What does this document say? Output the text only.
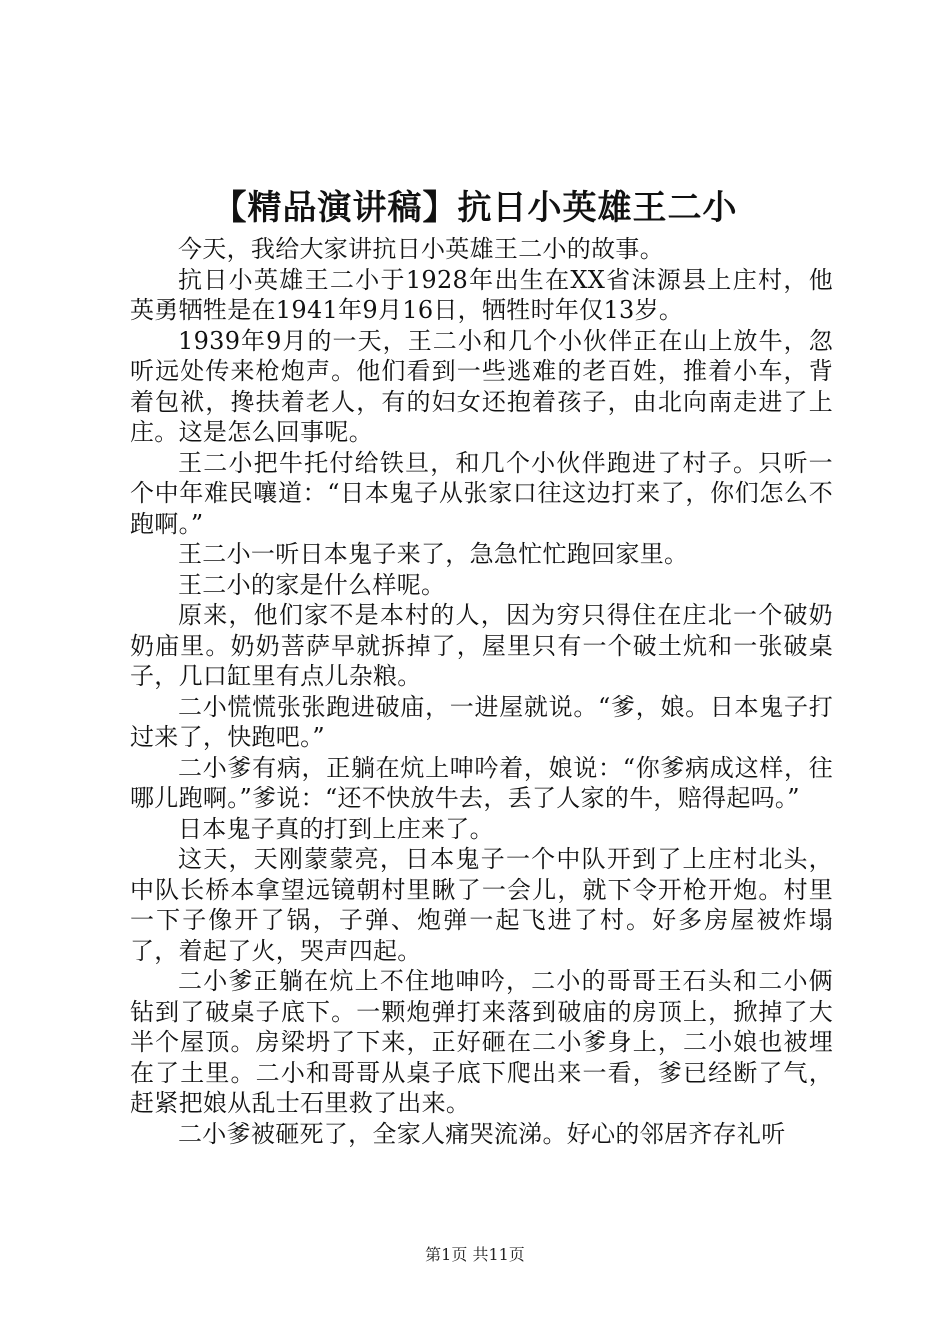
【精品演讲稿】抗日小英雄王二小

今天，我给大家讲抗日小英雄王二小的故事。

抗日小英雄王二小于1928年出生在XX省沫源县上庄村，他英勇牺牲是在1941年9月16日，牺牲时年仅13岁。

1939年9月的一天，王二小和几个小伙伴正在山上放牛，忽听远处传来枪炮声。他们看到一些逃难的老百姓，推着小车，背着包袱，搀扶着老人，有的妇女还抱着孩子，由北向南走进了上庄。这是怎么回事呢。

王二小把牛托付给铁旦，和几个小伙伴跑进了村子。只听一个中年难民嚷道：“日本鬼子从张家口往这边打来了，你们怎么不跑啊。”

王二小一听日本鬼子来了，急急忙忙跑回家里。

王二小的家是什么样呢。

原来，他们家不是本村的人，因为穷只得住在庄北一个破奶奶庙里。奶奶菩萨早就拆掉了，屋里只有一个破土炕和一张破桌子，几口缸里有点儿杂粮。

二小慌慌张张跑进破庙，一进屋就说。“爹，娘。日本鬼子打过来了，快跑吧。”

二小爹有病，正躺在炕上呻吟着，娘说：“你爹病成这样，往哪儿跑啊。”爹说：“还不快放牛去，丢了人家的牛，赔得起吗。”

日本鬼子真的打到上庄来了。

这天，天刚蒙蒙亮，日本鬼子一个中队开到了上庄村北头，中队长桥本拿望远镜朝村里瞅了一会儿，就下令开枪开炮。村里一下子像开了锅，子弹、炮弹一起飞进了村。好多房屋被炸塌了，着起了火，哭声四起。

二小爹正躺在炕上不住地呻吟，二小的哥哥王石头和二小俩钻到了破桌子底下。一颗炮弹打来落到破庙的房顶上，掀掉了大半个屋顶。房梁坍了下来，正好砸在二小爹身上，二小娘也被埋在了土里。二小和哥哥从桌子底下爬出来一看，爹已经断了气，赶紧把娘从乱士石里救了出来。

二小爹被砸死了，全家人痛哭流涕。好心的邻居齐存礼听

第1页 共11页
